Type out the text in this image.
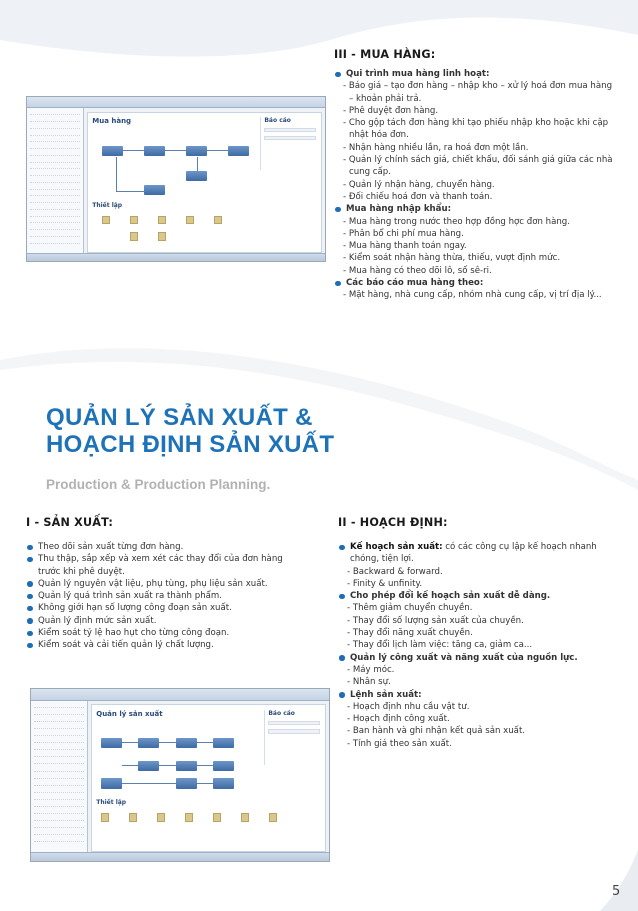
Mua hàng	Báo cáo
Thiết lập
III - MUA HÀNG:
Qui trình mua hàng linh hoạt:
- Báo giá – tạo đơn hàng – nhập kho – xử lý hoá đơn mua hàng – khoản phải trả.
- Phê duyệt đơn hàng.
- Cho gộp tách đơn hàng khi tạo phiếu nhập kho hoặc khi cập nhật hóa đơn.
- Nhận hàng nhiều lần, ra hoá đơn một lần.
- Quản lý chính sách giá, chiết khấu, đối sánh giá giữa các nhà cung cấp.
- Quản lý nhận hàng, chuyển hàng.
- Đối chiếu hoá đơn và thanh toán.
Mua hàng nhập khẩu:
- Mua hàng trong nước theo hợp đồng hợc đơn hàng.
- Phân bổ chi phí mua hàng.
- Mua hàng thanh toán ngay.
- Kiểm soát nhận hàng thừa, thiếu, vượt định mức.
- Mua hàng có theo dõi lô, số sê-ri.
Các báo cáo mua hàng theo:
- Mặt hàng, nhà cung cấp, nhóm nhà cung cấp, vị trí địa lý...
QUẢN LÝ SẢN XUẤT &
HOẠCH ĐỊNH SẢN XUẤT
Production & Production Planning.
I - SẢN XUẤT:
Theo dõi sản xuất từng đơn hàng.
Thu thập, sắp xếp và xem xét các thay đổi của đơn hàng trước khi phê duyệt.
Quản lý nguyên vật liệu, phụ tùng, phụ liệu sản xuất.
Quản lý quá trình sản xuất ra thành phẩm.
Không giới hạn số lượng công đoạn sản xuất.
Quản lý định mức sản xuất.
Kiểm soát tỷ lệ hao hụt cho từng công đoạn.
Kiểm soát và cải tiến quản lý chất lượng.
Quản lý sản xuất	Báo cáo
Thiết lập
II - HOẠCH ĐỊNH:
Kế hoạch sản xuất: có các công cụ lập kế hoạch nhanh chóng, tiện lợi.
- Backward & forward.
- Finity & unfinity.
Cho phép đổi kế hoạch sản xuất dễ dàng.
- Thêm giảm chuyển chuyền.
- Thay đổi số lượng sản xuất của chuyền.
- Thay đổi năng xuất chuyền.
- Thay đổi lịch làm việc: tăng ca, giảm ca...
Quản lý công xuất và năng xuất của nguồn lực.
- Máy móc.
- Nhân sự.
Lệnh sản xuất:
- Hoạch định nhu cầu vật tư.
- Hoạch định công xuất.
- Ban hành và ghi nhận kết quả sản xuất.
- Tính giá theo sản xuất.
5
